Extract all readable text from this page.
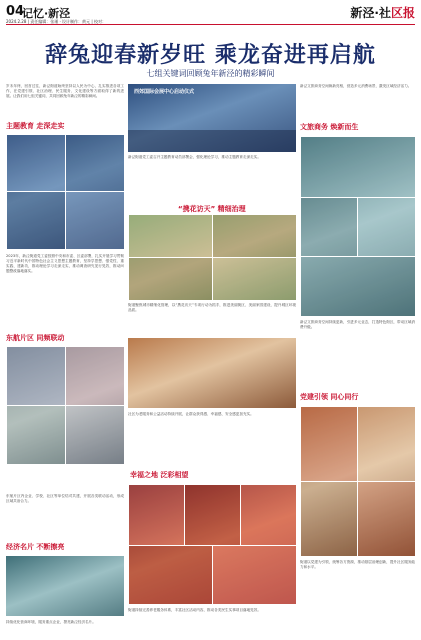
04
记忆·新泾
2024.2.28 | 责任编辑：张瑾 · 设计制作：黄元 | 校对：
新泾·社区报
辞兔迎春新岁旺 乘龙奋进再启航
七组关键词回顾兔年新泾的精彩瞬间
岁末年终，回首过往，新泾街道始终坚持以人民为中心，扎实推进各项工作，在党建引领、社区治理、民生服务、文化建设等方面取得了新的进展。让我们用七组关键词，共同回顾兔年新泾的精彩瞬间。
主题教育 走深走实
2023年，新泾街道党工委按照中央和市委、区委部署，扎实开展学习贯彻习近平新时代中国特色社会主义思想主题教育，坚持学思想、强党性、重实践、建新功，推动理论学习走深走实，推动调查研究见行见效，推动问题整改落地落实。
东航片区 同频联动
东航片区内企业、学校、社区等单位结对共建，开展各类联动活动，形成区域共治合力。
经济名片 不断擦亮
持续优化营商环境，服务重点企业，擦亮新泾经济名片。
西郊国际会展中心启动仪式
新泾街道党工委召开主题教育动员部署会，强化理论学习，推动主题教育走深走实。
“携花访天” 精细治理
街道聚焦城市精细化管理，以“携花访天”专项行动为抓手，推进美丽街区、美丽家园建设，提升城区环境品质。
社区为老服务和公益活动持续开展，让群众获得感、幸福感、安全感更加充实。
幸福之地 泛彩相望
街道持续完善养老服务体系，丰富社区活动内容，推动各类民生实事项目落地见效。
新泾文旅商务空间焕新亮相，营造多元消费场景，激发区域经济活力。
文旅商务 焕新而生
新泾文旅商务空间持续更新，引进多元业态，打造特色街区，带动区域消费升级。
党建引领 同心同行
街道以党建为引领，统筹各方资源，推动基层治理创新，提升社区服务能力和水平。
